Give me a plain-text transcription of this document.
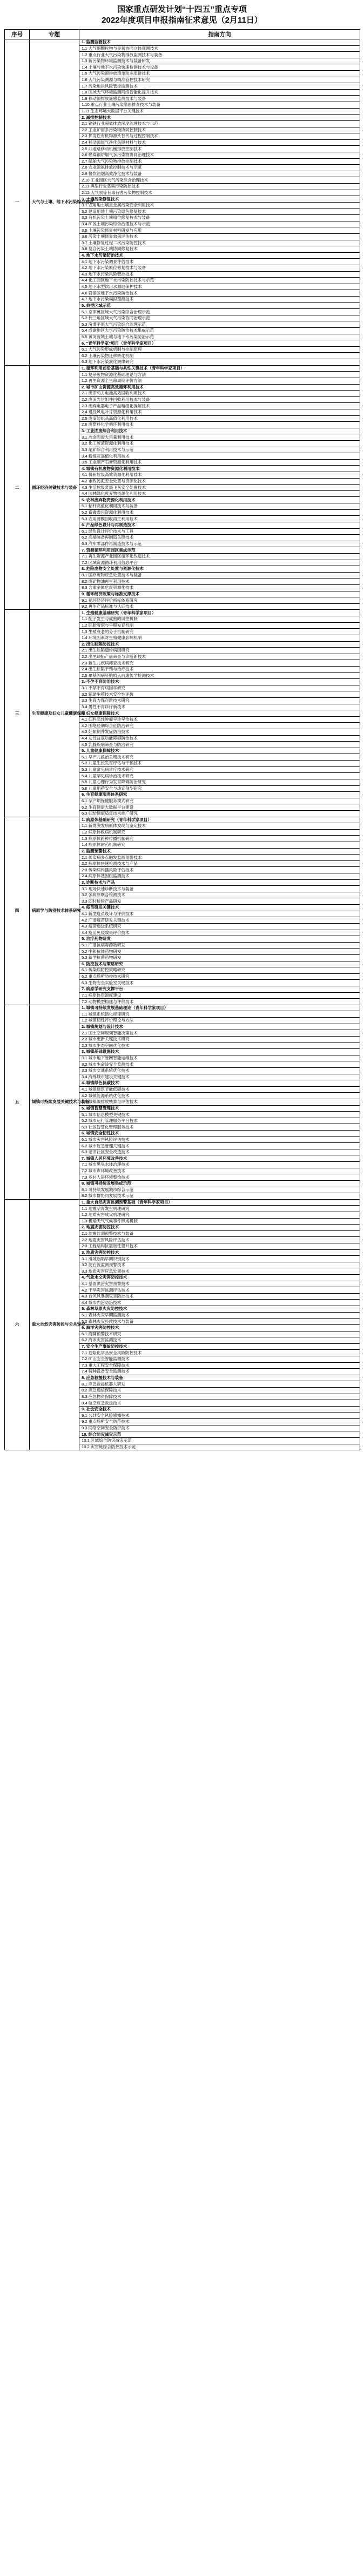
国家重点研发计划“十四五”重点专项
2022年度项目申报指南征求意见（2月11日）
序号	专题	指南方向
一	大气与土壤、地下水污染综合治理	1. 监测监管技术
		1.1 大气细颗粒物与臭氧协同立体观测技术
		1.2 重点行业大气污染物排放监测技术与装备
		1.3 新污染物环境监测技术与装备研发
		1.4 土壤与地下水污染快速检测技术与设备
		1.5 大气污染源排放清单动态更新技术
		1.6 大气污染溯源与精准管控技术研究
		1.7 污染地块风险管控监测技术
		1.8 区域大气环境监测网络智能化提升技术
		1.9 移动源排放遥感监测技术与装备
		1.10 重点行业土壤污染隐患排查技术与装备
		1.11 生态环境大数据平台关键技术
		2. 减排控制技术
		2.1 钢铁行业超低排放深度治理技术与示范
		2.2 工业炉窑多污染物协同控制技术
		2.3 挥发性有机物源头替代与过程控制技术
		2.4 移动源尾气净化关键材料与技术
		2.5 非道路移动机械排放控制技术
		2.6 燃煤锅炉烟气多污染物协同治理技术
		2.7 船舶大气污染物排放控制技术
		2.8 农业源氨排放控制技术与示范
		2.9 餐饮油烟高效净化技术与装备
		2.10 工业园区大气污染综合治理技术
		2.11 典型行业恶臭污染防控技术
		2.12 大气汞等有毒有害污染物控制技术
		3. 土壤污染修复技术
		3.1 农用地土壤重金属污染安全利用技术
		3.2 建设用地土壤污染绿色修复技术
		3.3 有机污染土壤原位修复技术与装备
		3.4 矿区土壤污染综合治理技术与示范
		3.5 土壤污染修复材料研发与应用
		3.6 污染土壤修复效果评估技术
		3.7 土壤修复过程二次污染防控技术
		3.8 复合污染土壤协同修复技术
		4. 地下水污染防治技术
		4.1 地下水污染调查评估技术
		4.2 地下水污染原位修复技术与装备
		4.3 地下水污染风险管控技术
		4.4 化工园区地下水污染防控技术与示范
		4.5 地下水型饮用水源地保护技术
		4.6 岩溶区地下水污染防治技术
		4.7 地下水污染模拟预测技术
		5. 典型区域示范
		5.1 京津冀区域大气污染综合治理示范
		5.2 长三角区域大气污染协同治理示范
		5.3 汾渭平原大气污染综合治理示范
		5.4 成渝地区大气污染防治技术集成示范
		5.5 黄河流域土壤与地下水污染防治示范
		6. “青年科学家”项目（青年科学家项目）
		6.1 大气污染形成机制与控制原理
		6.2 土壤污染物迁移转化机制
		6.3 地下水污染演化规律研究
二	循环经济关键技术与装备	1. 循环利用前沿基础与共性关键技术（青年科学家项目）
		1.1 复杂废物资源化基础理论与方法
		1.2 再生资源全生命周期评价方法
		2. 城市矿山资源高效循环利用技术
		2.1 废旧动力电池高效回收利用技术
		2.2 废旧光伏组件回收利用技术与装备
		2.3 废弃电器电子产品精细化拆解技术
		2.4 退役风电叶片资源化利用技术
		2.5 废旧纺织品高值化利用技术
		2.6 废塑料化学循环利用技术
		3. 工业固废综合利用技术
		3.1 冶金固废大宗量利用技术
		3.2 化工废渣资源化利用技术
		3.3 尾矿综合利用技术与示范
		3.4 粉煤灰高值化利用技术
		3.5 工业副产石膏资源化利用技术
		4. 城镇有机废物资源化利用技术
		4.1 餐厨垃圾高效资源化利用技术
		4.2 市政污泥安全处置与资源化技术
		4.3 生活垃圾焚烧飞灰安全处置技术
		4.4 园林绿化废弃物资源化利用技术
		5. 农林废弃物资源化利用技术
		5.1 秸秆高值化利用技术与装备
		5.2 畜禽粪污资源化利用技术
		5.3 农用薄膜回收再生利用技术
		6. 产品绿色设计与再制造技术
		6.1 绿色设计评价技术与工具
		6.2 高端装备再制造关键技术
		6.3 汽车零部件再制造技术与示范
		7. 资源循环利用园区集成示范
		7.1 再生资源产业园区循环化改造技术
		7.2 区域资源循环利用信息平台
		8. 危险废物安全处置与资源化技术
		8.1 医疗废物应急处置技术与装备
		8.2 废矿物油再生利用技术
		8.3 含重金属危废资源化技术
		9. 循环经济政策与标准支撑技术
		9.1 循环经济评价指标体系研究
		9.2 再生产品标准与认证技术
三	生育健康及妇女儿童健康保障	1. 生殖健康基础研究（青年科学家项目）
		1.1 配子发生与成熟的调控机制
		1.2 胚胎着床与早期发育机制
		1.3 生殖衰老的分子机制研究
		1.4 环境因素对生殖健康影响机制
		2. 出生缺陷防控技术
		2.1 出生缺陷遗传病因研究
		2.2 出生缺陷产前筛查与诊断新技术
		2.3 新生儿疾病筛查技术研究
		2.4 出生缺陷干预与治疗技术
		2.5 单基因病胚胎植入前遗传学检测技术
		3. 不孕不育防治技术
		3.1 不孕不育病因学研究
		3.2 辅助生殖技术安全性评价
		3.3 生育力保存新技术研究
		3.4 男性不育诊疗新技术
		4. 妇女健康保障技术
		4.1 妇科恶性肿瘤早诊早治技术
		4.2 围绝经期综合征防治研究
		4.3 妊娠期并发症防治技术
		4.4 女性盆底功能障碍防治技术
		4.5 乳腺疾病筛查与防治研究
		5. 儿童健康保障技术
		5.1 早产儿救治关键技术研究
		5.2 儿童生长发育评估与干预技术
		5.3 儿童常见病诊疗技术研究
		5.4 儿童罕见病诊治技术研究
		5.5 儿童心理行为发育障碍防治研究
		5.6 儿童用药安全与适宜剂型研究
		6. 生育健康服务体系研究
		6.1 孕产期保健服务模式研究
		6.2 生育健康大数据平台建设
		6.3 妇幼健康适宜技术推广研究
四	病原学与防疫技术体系研究	1. 病原体基础研究（青年科学家项目）
		1.1 新发突发病原体发现与鉴定技术
		1.2 病原体致病机制研究
		1.3 病原体跨种传播机制研究
		1.4 病原体耐药机制研究
		2. 监测预警技术
		2.1 传染病多点触发监测预警技术
		2.2 病原体快速检测技术与产品
		2.3 传染病传播风险评估技术
		2.4 病原体基因组监测技术
		3. 诊断技术与产品
		3.1 现场快速诊断技术与装备
		3.2 多病原联合检测技术
		3.3 即时检验产品研发
		4. 疫苗研发关键技术
		4.1 新型疫苗设计与评价技术
		4.2 广谱疫苗研发关键技术
		4.3 疫苗递送系统研究
		4.4 疫苗免疫效果评价技术
		5. 治疗药物研发
		5.1 广谱抗病毒药物研发
		5.2 中和抗体药物研发
		5.3 新型抗菌药物研发
		6. 防控技术与策略研究
		6.1 传染病防控策略研究
		6.2 重点场所防控技术研究
		6.3 生物安全实验室关键技术
		7. 病原学研究支撑平台
		7.1 病原体资源库建设
		7.2 动物模型构建与评价技术
五	城镇可持续发展关键技术与装备	1. 城镇可持续发展基础理论（青年科学家项目）
		1.1 城镇系统演化规律研究
		1.2 城镇韧性评价理论与方法
		2. 城镇规划与设计技术
		2.1 国土空间规划智能决策技术
		2.2 城市更新关键技术研究
		2.3 城市生态空间优化技术
		3. 城镇基础设施技术
		3.1 城市地下管网智能运维技术
		3.2 城市生命线安全监测技术
		3.3 城市交通系统优化技术
		3.4 海绵城市建设关键技术
		4. 城镇绿色低碳技术
		4.1 城镇建筑节能低碳技术
		4.2 城镇能源系统优化技术
		4.3 城镇碳排放核算与评估技术
		5. 城镇智慧管理技术
		5.1 城市信息模型关键技术
		5.2 城市运行管理服务平台技术
		5.3 社区智慧化管理服务技术
		6. 城镇安全韧性技术
		6.1 城市灾害风险评估技术
		6.2 城市应急管理关键技术
		6.3 老旧社区安全改造技术
		7. 城镇人居环境改善技术
		7.1 城市黑臭水体治理技术
		7.2 城市声环境改善技术
		7.3 乡村人居环境整治技术
		8. 城镇可持续发展集成示范
		8.1 可持续发展城市综合示范
		8.2 城市群协同发展技术示范
六	重大自然灾害防控与公共安全	1. 重大自然灾害监测预警基础（青年科学家项目）
		1.1 地震孕育发生机理研究
		1.2 地质灾害成灾机理研究
		1.3 极端天气气候事件形成机制
		2. 地震灾害防控技术
		2.1 地震监测预警技术与装备
		2.2 地震灾害风险评估技术
		2.3 工程结构抗震韧性提升技术
		3. 地质灾害防控技术
		3.1 滑坡崩塌早期识别技术
		3.2 泥石流监测预警技术
		3.3 地质灾害应急处置技术
		4. 气象水文灾害防控技术
		4.1 暴雨洪涝灾害预警技术
		4.2 干旱灾害监测评估技术
		4.3 台风风暴潮灾害防控技术
		4.4 城市内涝防治技术
		5. 森林草原火灾防控技术
		5.1 森林火灾早期监测技术
		5.2 森林火灾扑救技术与装备
		6. 海洋灾害防控技术
		6.1 海啸预警技术研究
		6.2 海冰灾害监测技术
		7. 安全生产事故防控技术
		7.1 危险化学品安全风险防控技术
		7.2 矿山安全智能监测技术
		7.3 重大工程安全保障技术
		7.4 特种设备安全监测技术
		8. 应急救援技术与装备
		8.1 应急救援机器人研发
		8.2 应急通信保障技术
		8.3 应急物资保障技术
		8.4 航空应急救援技术
		9. 社会安全技术
		9.1 公共安全风险感知技术
		9.2 重点场所安全防范技术
		9.3 网络空间安全防护技术
		10. 综合防灾减灾示范
		10.1 区域综合防灾减灾示范
		10.2 灾害链综合防控技术示范
